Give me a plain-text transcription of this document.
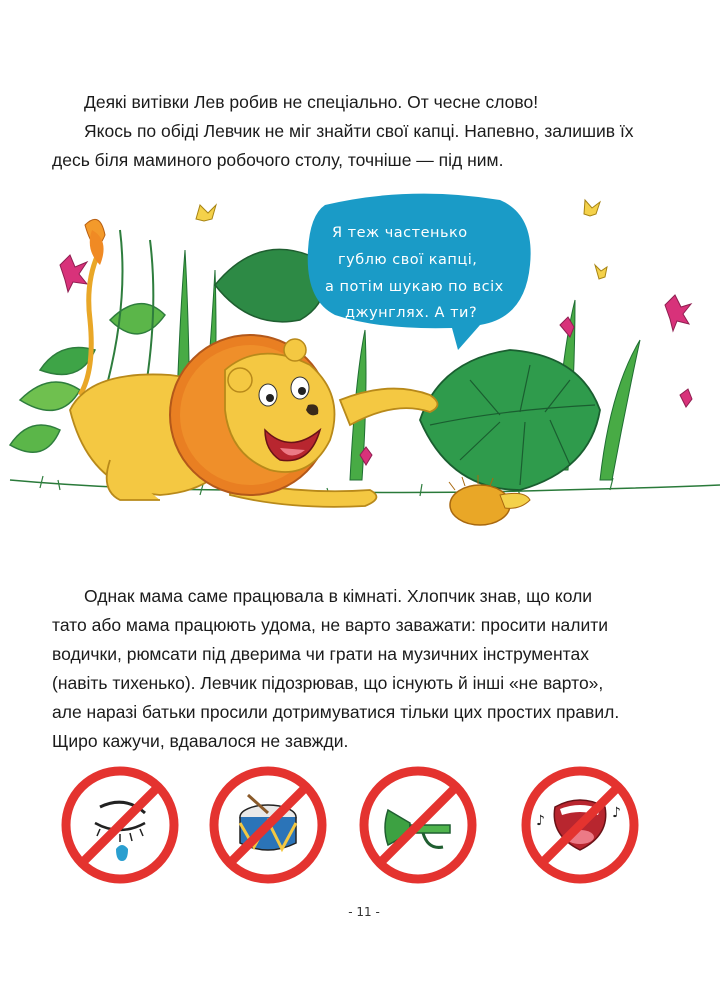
Деякі витівки Лев робив не спеціально. От чесне слово!

Якось по обіді Левчик не міг знайти свої капці. Напевно, залишив їх

десь біля маминого робочого столу, точніше — під ним.

Я теж частенько
гублю свої капці,
а потім шукаю по всіх
джунглях. А ти?

Однак мама саме працювала в кімнаті. Хлопчик знав, що коли

тато або мама працюють удома, не варто заважати: просити налити

водички, рюмсати під дверима чи грати на музичних інструментах

(навіть тихенько). Левчик підозрював, що існують й інші «не варто»,

але наразі батьки просили дотримуватися тільки цих простих правил.

Щиро кажучи, вдавалося не завжди.

♪	♪
- 11 -
